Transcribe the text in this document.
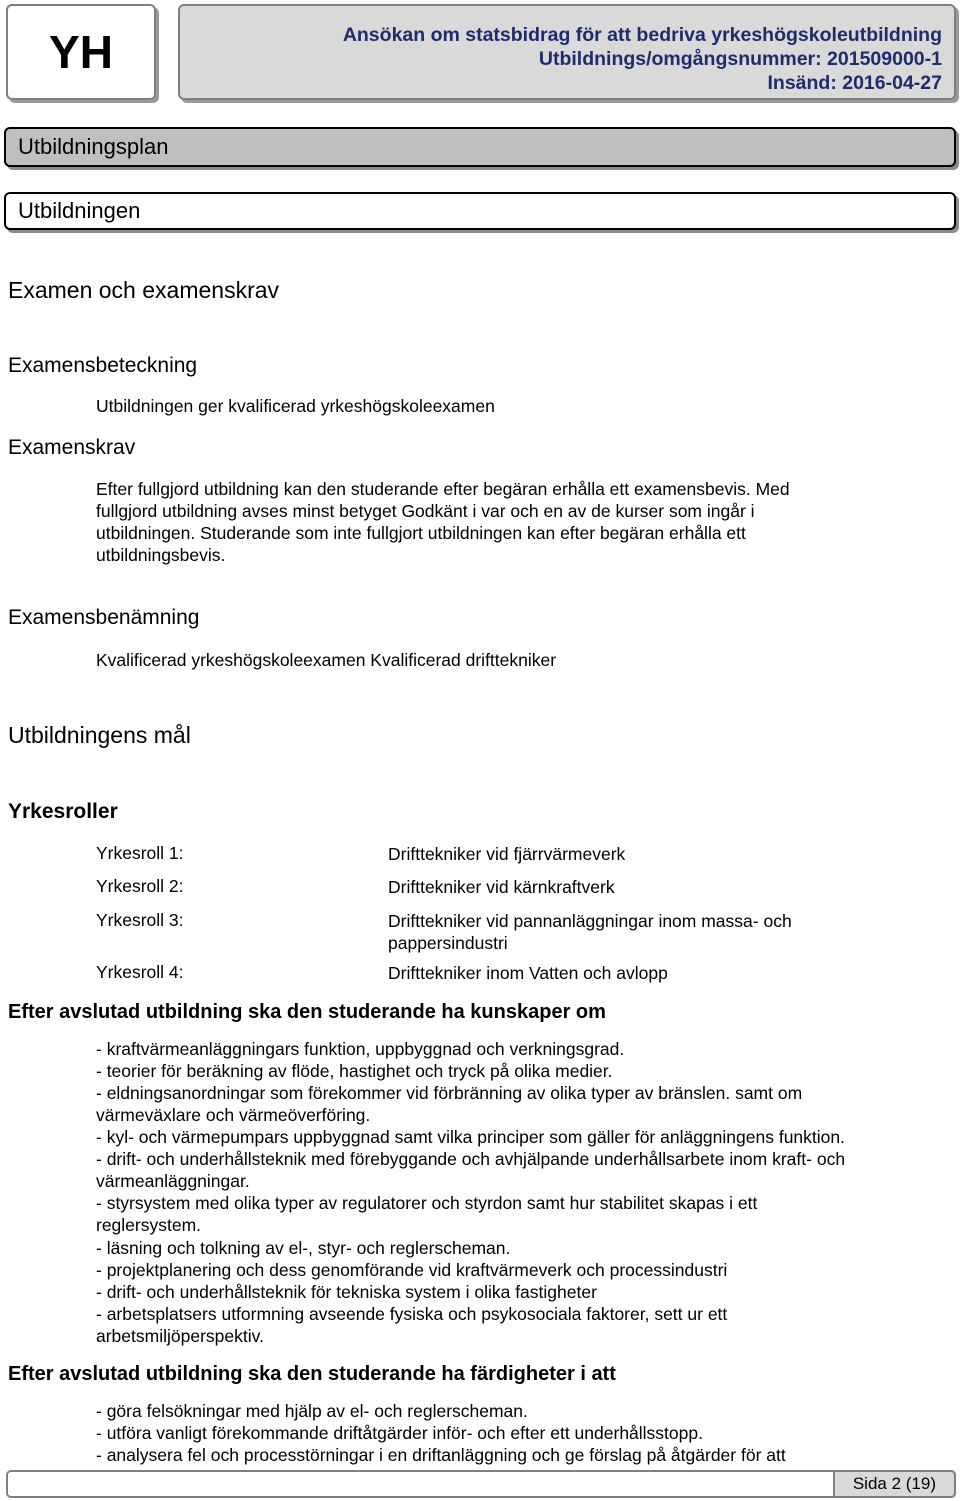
YH	Ansökan om statsbidrag för att bedriva yrkeshögskoleutbildning
Utbildnings/omgångsnummer: 201509000-1
Insänd: 2016-04-27
Utbildningsplan
Utbildningen
Examen och examenskrav
Examensbeteckning
Utbildningen ger kvalificerad yrkeshögskoleexamen
Examenskrav
Efter fullgjord utbildning kan den studerande efter begäran erhålla ett examensbevis. Med
fullgjord utbildning avses minst betyget Godkänt i var och en av de kurser som ingår i
utbildningen. Studerande som inte fullgjort utbildningen kan efter begäran erhålla ett
utbildningsbevis.
Examensbenämning
Kvalificerad yrkeshögskoleexamen Kvalificerad drifttekniker
Utbildningens mål
Yrkesroller
Yrkesroll 1:	Drifttekniker vid fjärrvärmeverk
Yrkesroll 2:	Drifttekniker vid kärnkraftverk
Yrkesroll 3:	Drifttekniker vid pannanläggningar inom massa- och pappersindustri
Yrkesroll 4:	Drifttekniker inom Vatten och avlopp
Efter avslutad utbildning ska den studerande ha kunskaper om
- kraftvärmeanläggningars funktion, uppbyggnad och verkningsgrad.
- teorier för beräkning av flöde, hastighet och tryck på olika medier.
- eldningsanordningar som förekommer vid förbränning av olika typer av bränslen. samt om
värmeväxlare och värmeöverföring.
- kyl- och värmepumpars uppbyggnad samt vilka principer som gäller för anläggningens funktion.
- drift- och underhållsteknik med förebyggande och avhjälpande underhållsarbete inom kraft- och
värmeanläggningar.
- styrsystem med olika typer av regulatorer och styrdon samt hur stabilitet skapas i ett
reglersystem.
- läsning och tolkning av el-, styr- och reglerscheman.
- projektplanering och dess genomförande vid kraftvärmeverk och processindustri
- drift- och underhållsteknik för tekniska system i olika fastigheter
- arbetsplatsers utformning avseende fysiska och psykosociala faktorer, sett ur ett
arbetsmiljöperspektiv.
Efter avslutad utbildning ska den studerande ha färdigheter i att
- göra felsökningar med hjälp av el- och reglerscheman.
- utföra vanligt förekommande driftåtgärder inför- och efter ett underhållsstopp.
- analysera fel och processtörningar i en driftanläggning och ge förslag på åtgärder för att
Sida 2 (19)
